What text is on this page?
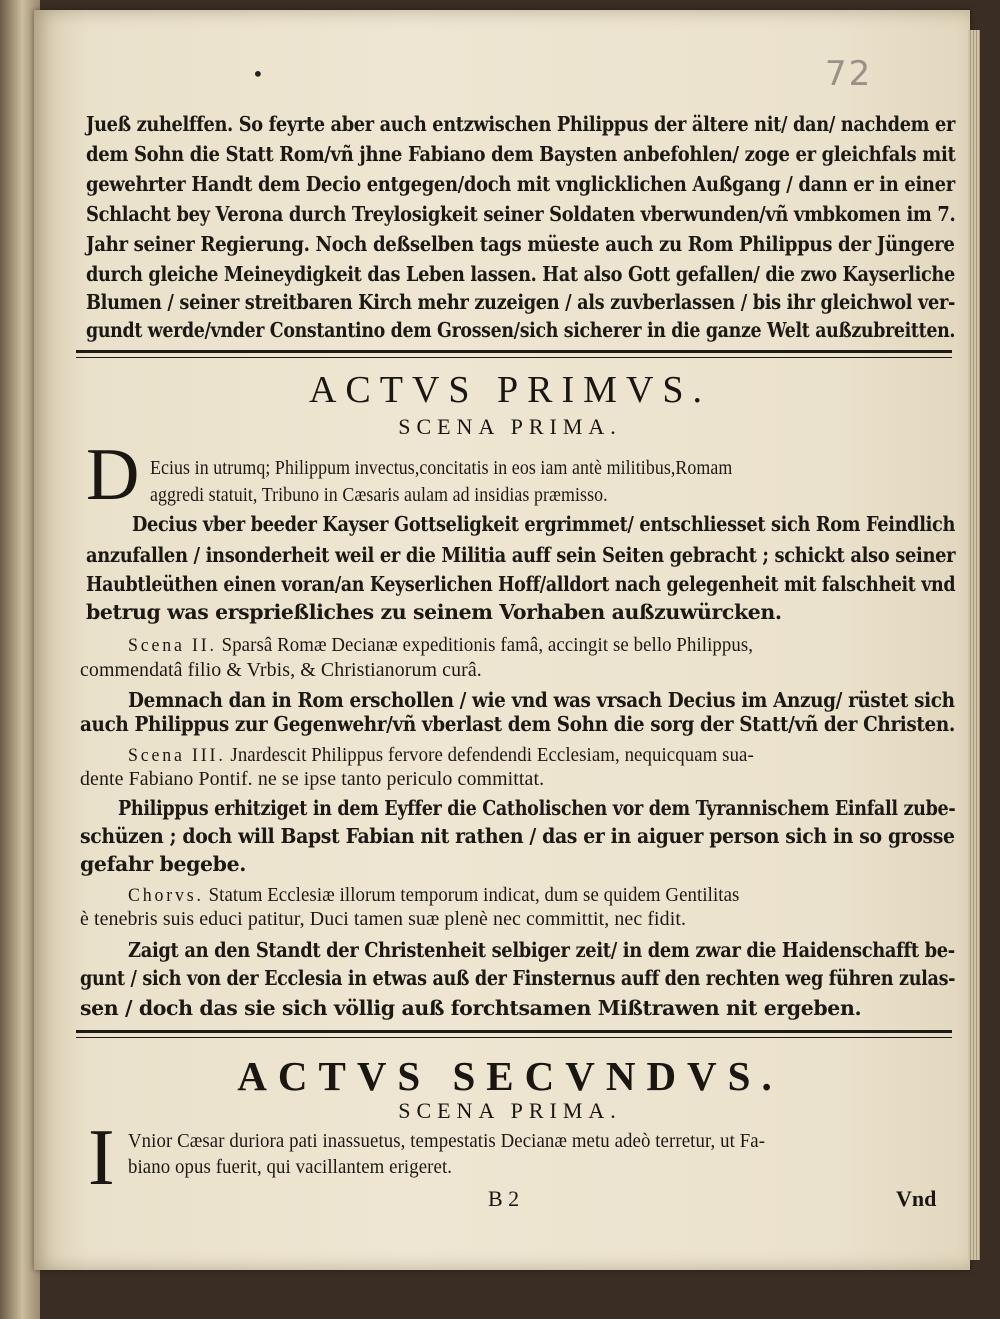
72
•
Jueß zuhelffen. So feyrte aber auch entzwischen Philippus der ältere nit/ dan/ nachdem er
dem Sohn die Statt Rom/vñ jhne Fabiano dem Baysten anbefohlen/ zoge er gleichfals mit
gewehrter Handt dem Decio entgegen/doch mit vnglicklichen Außgang / dann er in einer
Schlacht bey Verona durch Treylosigkeit seiner Soldaten vberwunden/vñ vmbkomen im 7.
Jahr seiner Regierung. Noch deßselben tags müeste auch zu Rom Philippus der Jüngere
durch gleiche Meineydigkeit das Leben lassen. Hat also Gott gefallen/ die zwo Kayserliche
Blumen / seiner streitbaren Kirch mehr zuzeigen / als zuvberlassen / bis ihr gleichwol ver-
gundt werde/vnder Constantino dem Grossen/sich sicherer in die ganze Welt außzubreitten.
ACTVS PRIMVS.
SCENA PRIMA.
D Ecius in utrumq; Philippum invectus,concitatis in eos iam antè militibus,Romam
aggredi statuit, Tribuno in Cæsaris aulam ad insidias præmisso.
Decius vber beeder Kayser Gottseligkeit ergrimmet/ entschliesset sich Rom Feindlich
anzufallen / insonderheit weil er die Militia auff sein Seiten gebracht ; schickt also seiner
Haubtleüthen einen voran/an Keyserlichen Hoff/alldort nach gelegenheit mit falschheit vnd
betrug was ersprießliches zu seinem Vorhaben außzuwürcken.
Scena II. Sparsâ Romæ Decianæ expeditionis famâ, accingit se bello Philippus,
commendatâ filio & Vrbis, & Christianorum curâ.
Demnach dan in Rom erschollen / wie vnd was vrsach Decius im Anzug/ rüstet sich
auch Philippus zur Gegenwehr/vñ vberlast dem Sohn die sorg der Statt/vñ der Christen.
Scena III. Jnardescit Philippus fervore defendendi Ecclesiam, nequicquam sua-
dente Fabiano Pontif. ne se ipse tanto periculo committat.
Philippus erhitziget in dem Eyffer die Catholischen vor dem Tyrannischem Einfall zube-
schüzen ; doch will Bapst Fabian nit rathen / das er in aiguer person sich in so grosse
gefahr begebe.
Chorvs. Statum Ecclesiæ illorum temporum indicat, dum se quidem Gentilitas
è tenebris suis educi patitur, Duci tamen suæ plenè nec committit, nec fidit.
Zaigt an den Standt der Christenheit selbiger zeit/ in dem zwar die Haidenschafft be-
gunt / sich von der Ecclesia in etwas auß der Finsternus auff den rechten weg führen zulas-
sen / doch das sie sich völlig auß forchtsamen Mißtrawen nit ergeben.
ACTVS SECVNDVS.
SCENA PRIMA.
I Vnior Cæsar duriora pati inassuetus, tempestatis Decianæ metu adeò terretur, ut Fa-
biano opus fuerit, qui vacillantem erigeret.
B 2	Vnd
